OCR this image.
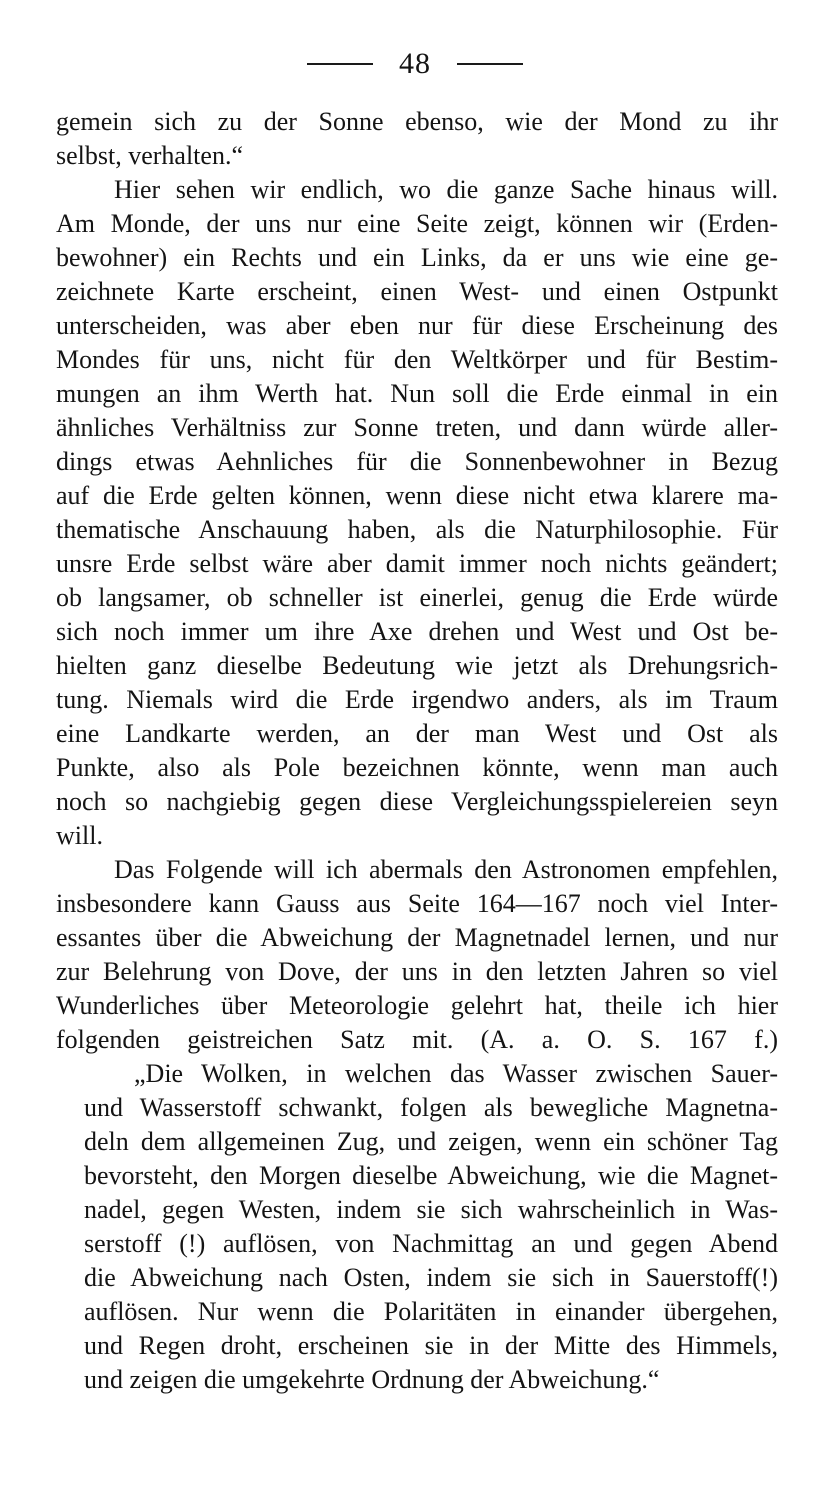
48
gemein sich zu der Sonne ebenso, wie der Mond zu ihr
selbst, verhalten.“
Hier sehen wir endlich, wo die ganze Sache hinaus will.
Am Monde, der uns nur eine Seite zeigt, können wir (Erden-
bewohner) ein Rechts und ein Links, da er uns wie eine ge-
zeichnete Karte erscheint, einen West- und einen Ostpunkt
unterscheiden, was aber eben nur für diese Erscheinung des
Mondes für uns, nicht für den Weltkörper und für Bestim-
mungen an ihm Werth hat. Nun soll die Erde einmal in ein
ähnliches Verhältniss zur Sonne treten, und dann würde aller-
dings etwas Aehnliches für die Sonnenbewohner in Bezug
auf die Erde gelten können, wenn diese nicht etwa klarere ma-
thematische Anschauung haben, als die Naturphilosophie. Für
unsre Erde selbst wäre aber damit immer noch nichts geändert;
ob langsamer, ob schneller ist einerlei, genug die Erde würde
sich noch immer um ihre Axe drehen und West und Ost be-
hielten ganz dieselbe Bedeutung wie jetzt als Drehungsrich-
tung. Niemals wird die Erde irgendwo anders, als im Traum
eine Landkarte werden, an der man West und Ost als
Punkte, also als Pole bezeichnen könnte, wenn man auch
noch so nachgiebig gegen diese Vergleichungsspielereien seyn
will.
Das Folgende will ich abermals den Astronomen empfehlen,
insbesondere kann Gauss aus Seite 164—167 noch viel Inter-
essantes über die Abweichung der Magnetnadel lernen, und nur
zur Belehrung von Dove, der uns in den letzten Jahren so viel
Wunderliches über Meteorologie gelehrt hat, theile ich hier
folgenden geistreichen Satz mit. (A. a. O. S. 167 f.)
„Die Wolken, in welchen das Wasser zwischen Sauer-
und Wasserstoff schwankt, folgen als bewegliche Magnetna-
deln dem allgemeinen Zug, und zeigen, wenn ein schöner Tag
bevorsteht, den Morgen dieselbe Abweichung, wie die Magnet-
nadel, gegen Westen, indem sie sich wahrscheinlich in Was-
serstoff (!) auflösen, von Nachmittag an und gegen Abend
die Abweichung nach Osten, indem sie sich in Sauerstoff(!)
auflösen. Nur wenn die Polaritäten in einander übergehen,
und Regen droht, erscheinen sie in der Mitte des Himmels,
und zeigen die umgekehrte Ordnung der Abweichung.“
